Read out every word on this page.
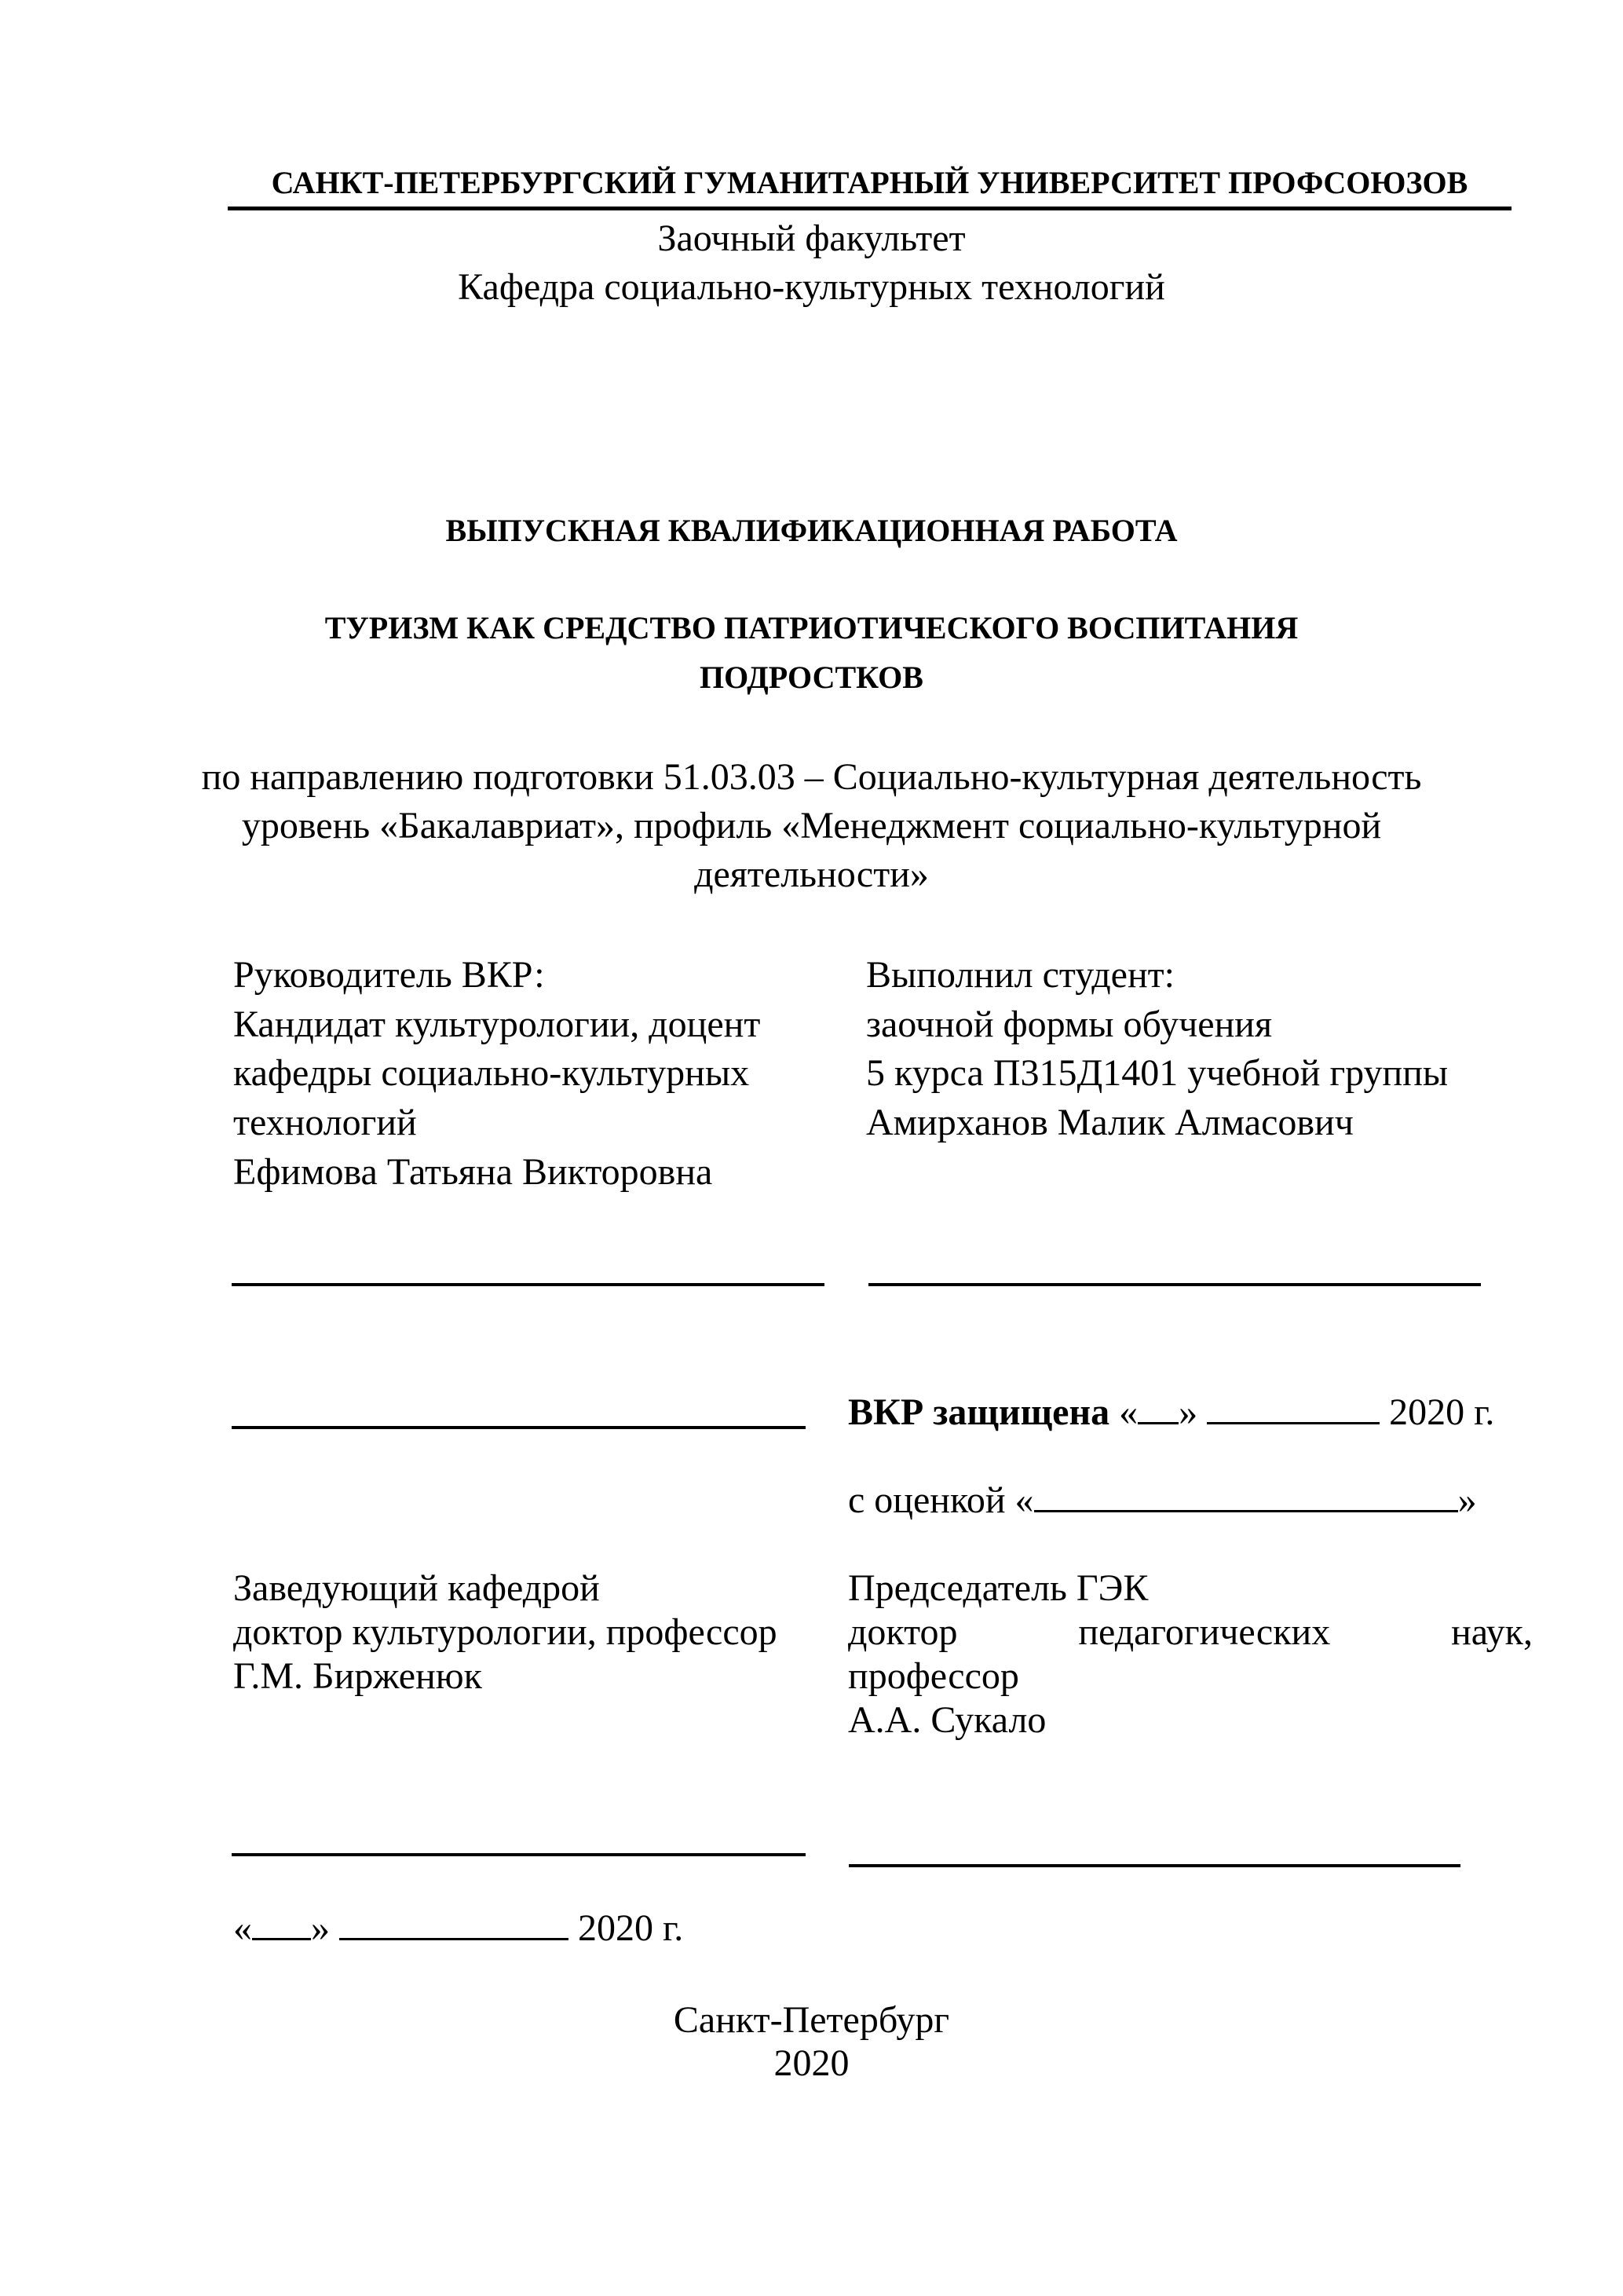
САНКТ-ПЕТЕРБУРГСКИЙ ГУМАНИТАРНЫЙ УНИВЕРСИТЕТ ПРОФСОЮЗОВ
Заочный факультет
Кафедра социально-культурных технологий
ВЫПУСКНАЯ КВАЛИФИКАЦИОННАЯ РАБОТА
ТУРИЗМ КАК СРЕДСТВО ПАТРИОТИЧЕСКОГО ВОСПИТАНИЯ
ПОДРОСТКОВ
по направлению подготовки 51.03.03 – Социально-культурная деятельность
уровень «Бакалавриат», профиль «Менеджмент социально-культурной
деятельности»
Руководитель ВКР:
Кандидат культурологии, доцент
кафедры социально-культурных
технологий
Ефимова Татьяна Викторовна
Выполнил студент:
заочной формы обучения
5 курса П315Д1401 учебной группы
Амирханов Малик Алмасович
ВКР защищена « »	2020 г.
с оценкой «	»
Заведующий кафедрой
доктор культурологии, профессор
Г.М. Бирженюк
Председатель ГЭК
доктор	педагогических	наук,
профессор
А.А. Сукало
« »	2020 г.
Санкт-Петербург
2020
